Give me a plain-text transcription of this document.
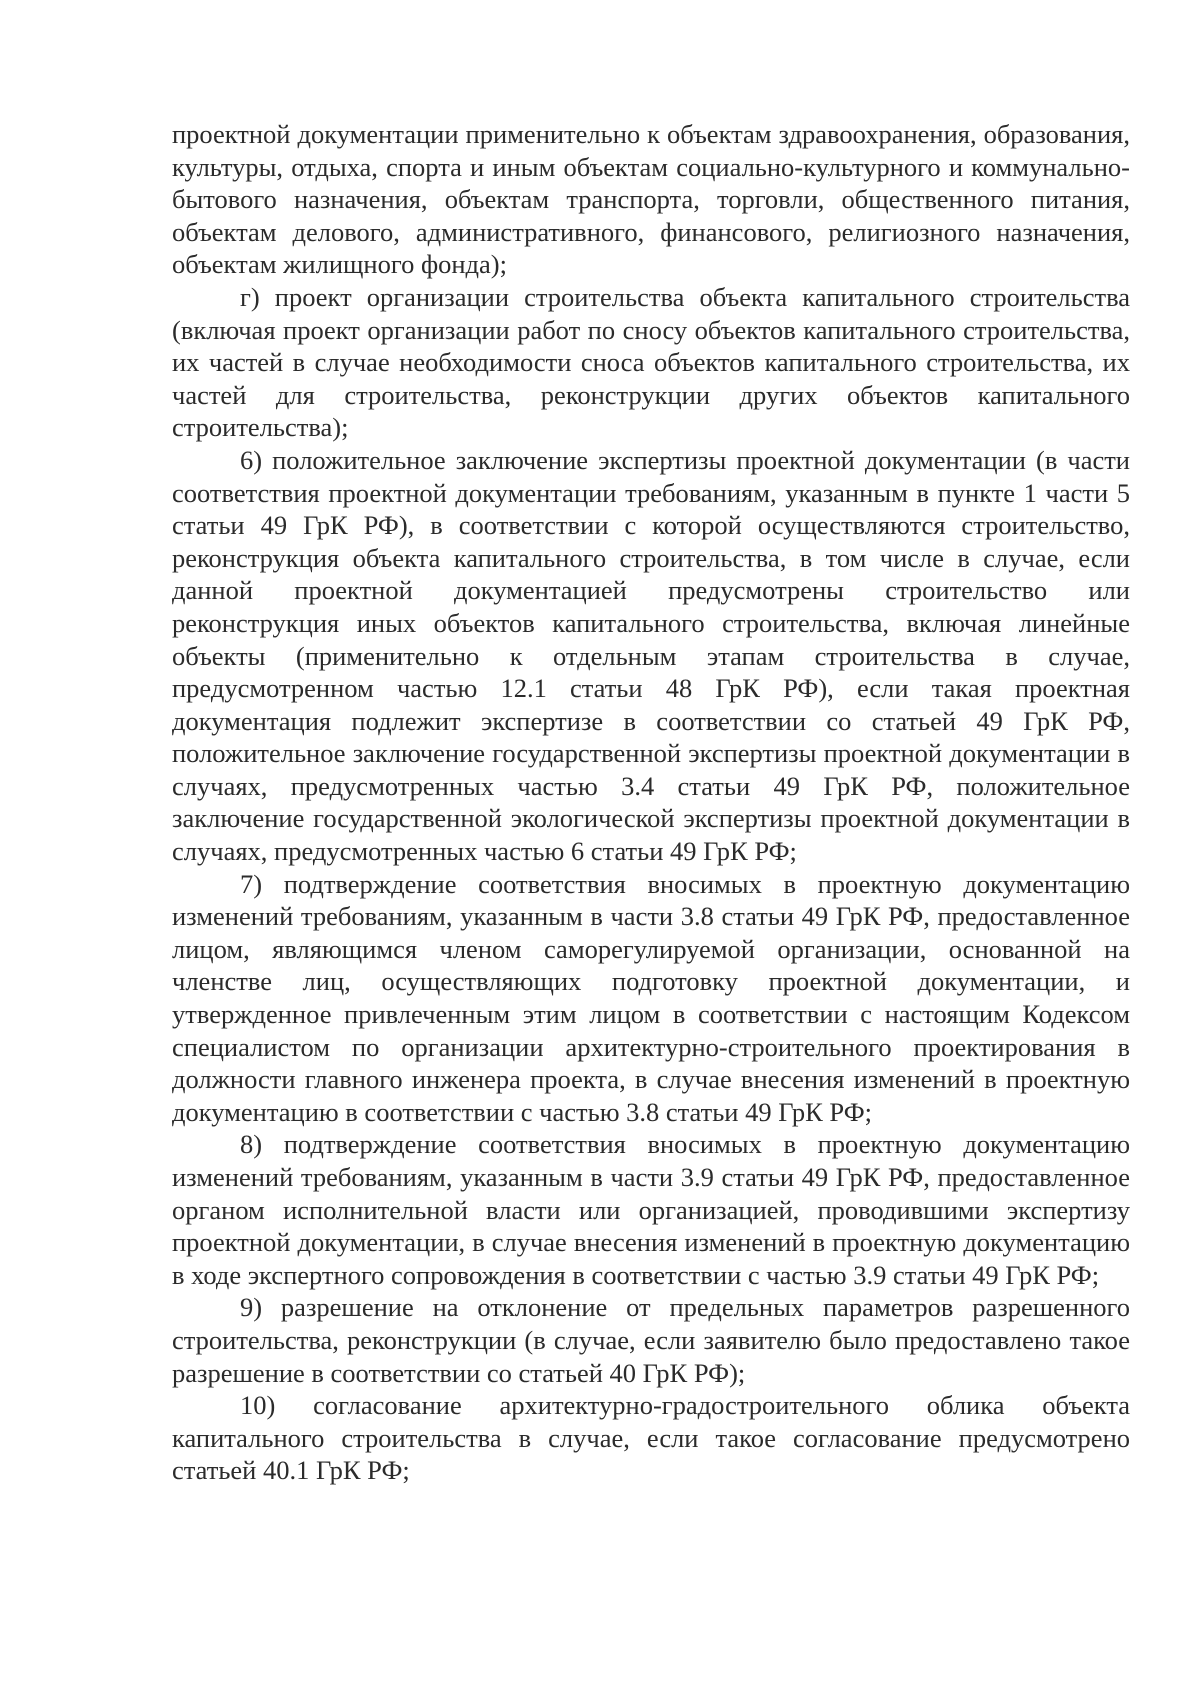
проектной документации применительно к объектам здравоохранения, образования, культуры, отдыха, спорта и иным объектам социально-культурного и коммунально-бытового назначения, объектам транспорта, торговли, общественного питания, объектам делового, административного, финансового, религиозного назначения, объектам жилищного фонда);

г) проект организации строительства объекта капитального строительства (включая проект организации работ по сносу объектов капитального строительства, их частей в случае необходимости сноса объектов капитального строительства, их частей для строительства, реконструкции других объектов капитального строительства);

6) положительное заключение экспертизы проектной документации (в части соответствия проектной документации требованиям, указанным в пункте 1 части 5 статьи 49 ГрК РФ), в соответствии с которой осуществляются строительство, реконструкция объекта капитального строительства, в том числе в случае, если данной проектной документацией предусмотрены строительство или реконструкция иных объектов капитального строительства, включая линейные объекты (применительно к отдельным этапам строительства в случае, предусмотренном частью 12.1 статьи 48 ГрК РФ), если такая проектная документация подлежит экспертизе в соответствии со статьей 49 ГрК РФ, положительное заключение государственной экспертизы проектной документации в случаях, предусмотренных частью 3.4 статьи 49 ГрК РФ, положительное заключение государственной экологической экспертизы проектной документации в случаях, предусмотренных частью 6 статьи 49 ГрК РФ;

7) подтверждение соответствия вносимых в проектную документацию изменений требованиям, указанным в части 3.8 статьи 49 ГрК РФ, предоставленное лицом, являющимся членом саморегулируемой организации, основанной на членстве лиц, осуществляющих подготовку проектной документации, и утвержденное привлеченным этим лицом в соответствии с настоящим Кодексом специалистом по организации архитектурно-строительного проектирования в должности главного инженера проекта, в случае внесения изменений в проектную документацию в соответствии с частью 3.8 статьи 49 ГрК РФ;

8) подтверждение соответствия вносимых в проектную документацию изменений требованиям, указанным в части 3.9 статьи 49 ГрК РФ, предоставленное органом исполнительной власти или организацией, проводившими экспертизу проектной документации, в случае внесения изменений в проектную документацию в ходе экспертного сопровождения в соответствии с частью 3.9 статьи 49 ГрК РФ;

9) разрешение на отклонение от предельных параметров разрешенного строительства, реконструкции (в случае, если заявителю было предоставлено такое разрешение в соответствии со статьей 40 ГрК РФ);

10) согласование архитектурно-градостроительного облика объекта капитального строительства в случае, если такое согласование предусмотрено статьей 40.1 ГрК РФ;
